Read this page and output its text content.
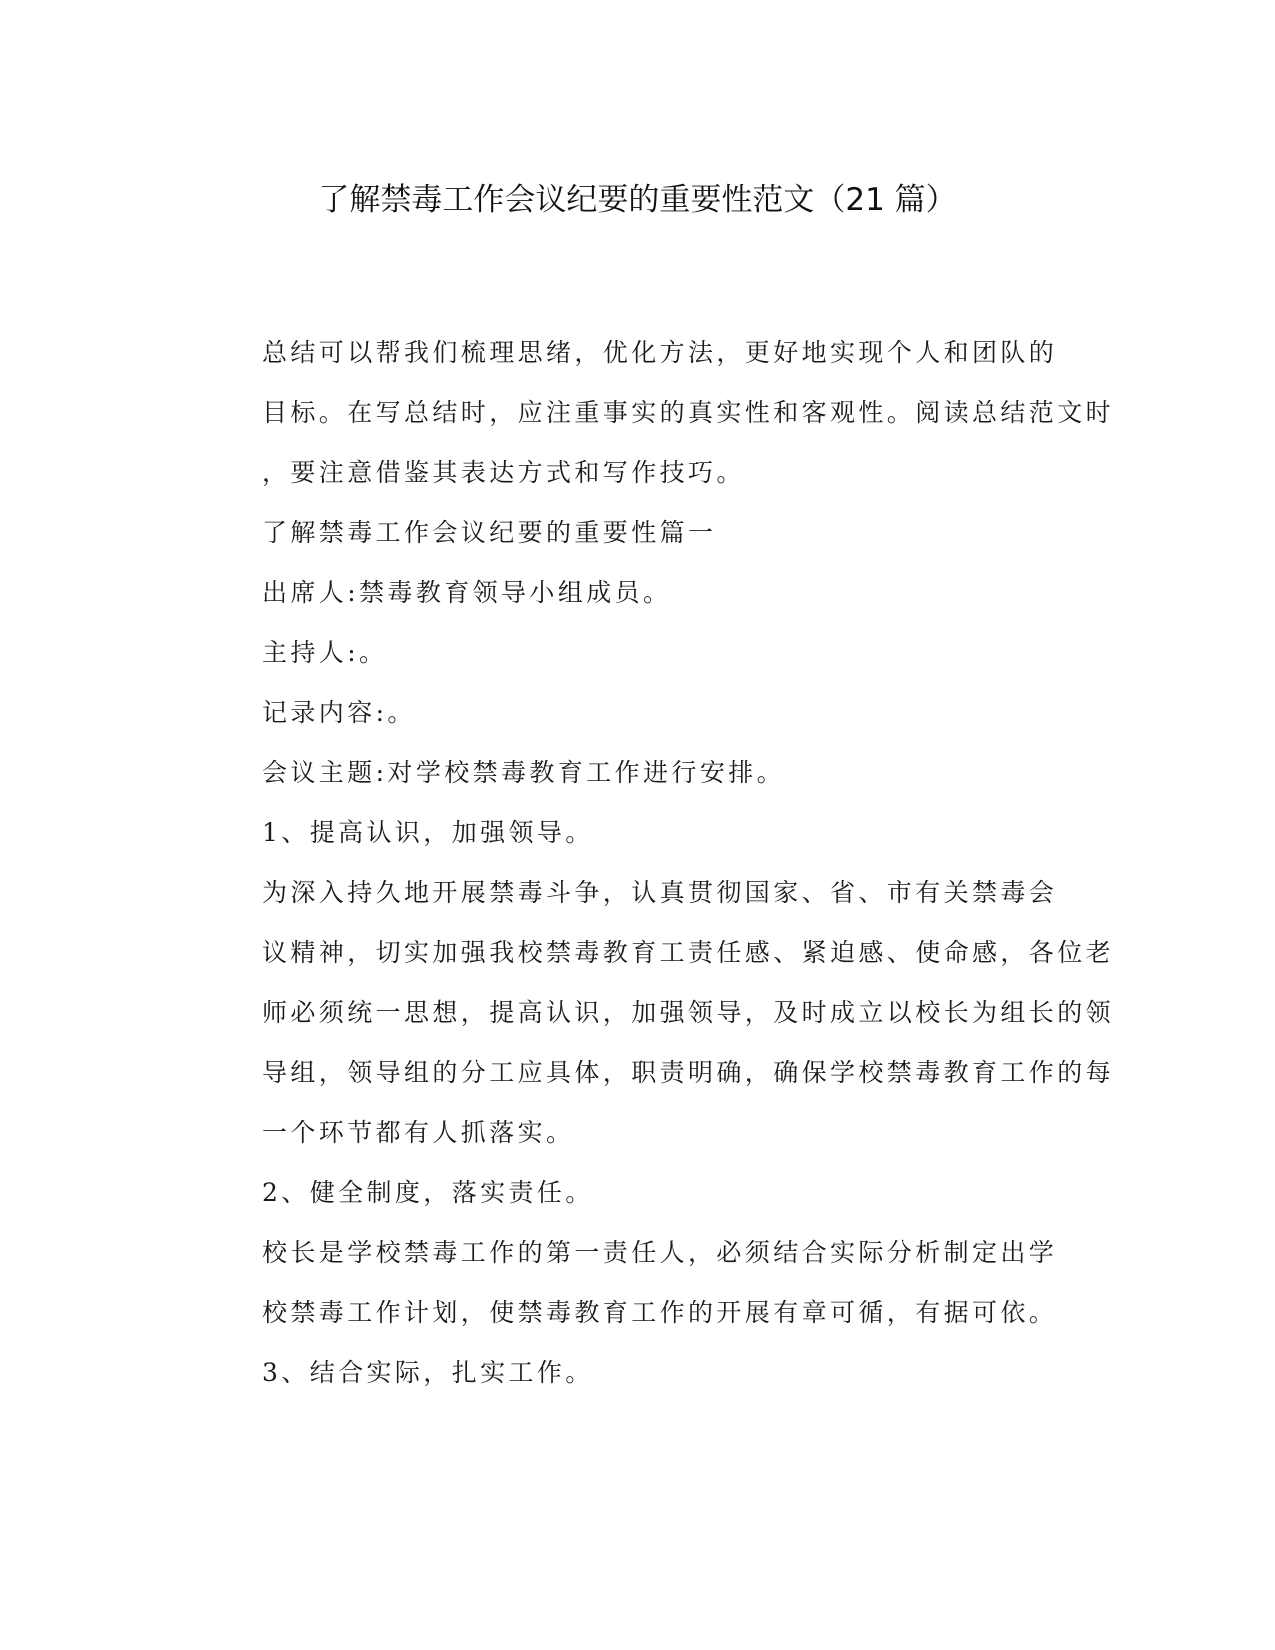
了解禁毒工作会议纪要的重要性范文（21 篇）

总结可以帮我们梳理思绪，优化方法，更好地实现个人和团队的
目标。在写总结时，应注重事实的真实性和客观性。阅读总结范文时
，要注意借鉴其表达方式和写作技巧。

了解禁毒工作会议纪要的重要性篇一

出席人:禁毒教育领导小组成员。

主持人:。

记录内容:。

会议主题:对学校禁毒教育工作进行安排。

1、提高认识，加强领导。

为深入持久地开展禁毒斗争，认真贯彻国家、省、市有关禁毒会
议精神，切实加强我校禁毒教育工责任感、紧迫感、使命感，各位老
师必须统一思想，提高认识，加强领导，及时成立以校长为组长的领
导组，领导组的分工应具体，职责明确，确保学校禁毒教育工作的每
一个环节都有人抓落实。

2、健全制度，落实责任。

校长是学校禁毒工作的第一责任人，必须结合实际分析制定出学
校禁毒工作计划，使禁毒教育工作的开展有章可循，有据可依。

3、结合实际，扎实工作。
